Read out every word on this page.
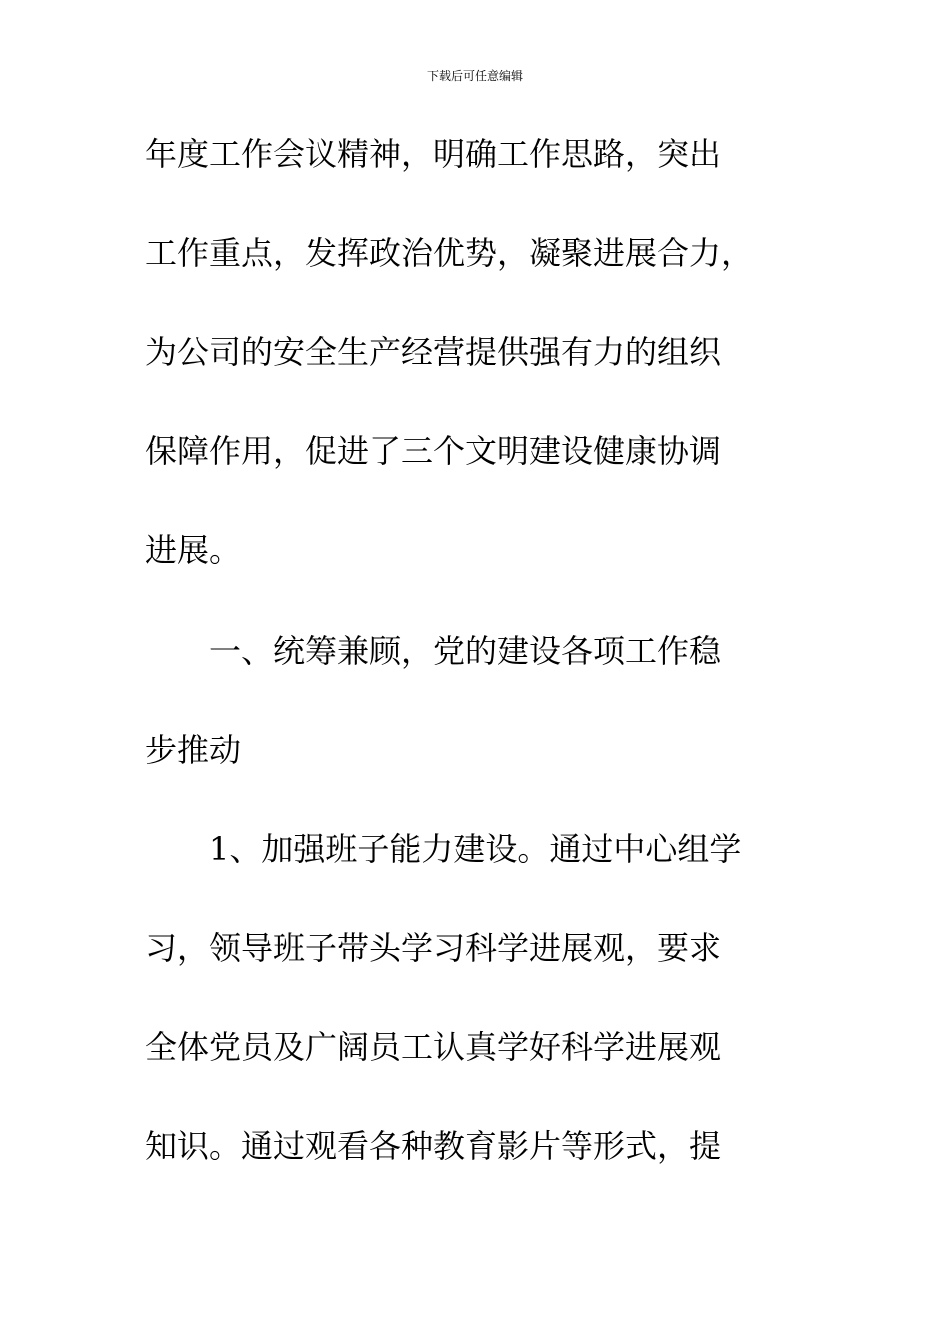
下载后可任意编辑

年度工作会议精神，明确工作思路，突出

工作重点，发挥政治优势，凝聚进展合力，

为公司的安全生产经营提供强有力的组织

保障作用，促进了三个文明建设健康协调

进展。

　　一、统筹兼顾，党的建设各项工作稳

步推动

　　1、加强班子能力建设。通过中心组学

习，领导班子带头学习科学进展观，要求

全体党员及广阔员工认真学好科学进展观

知识。通过观看各种教育影片等形式，提
